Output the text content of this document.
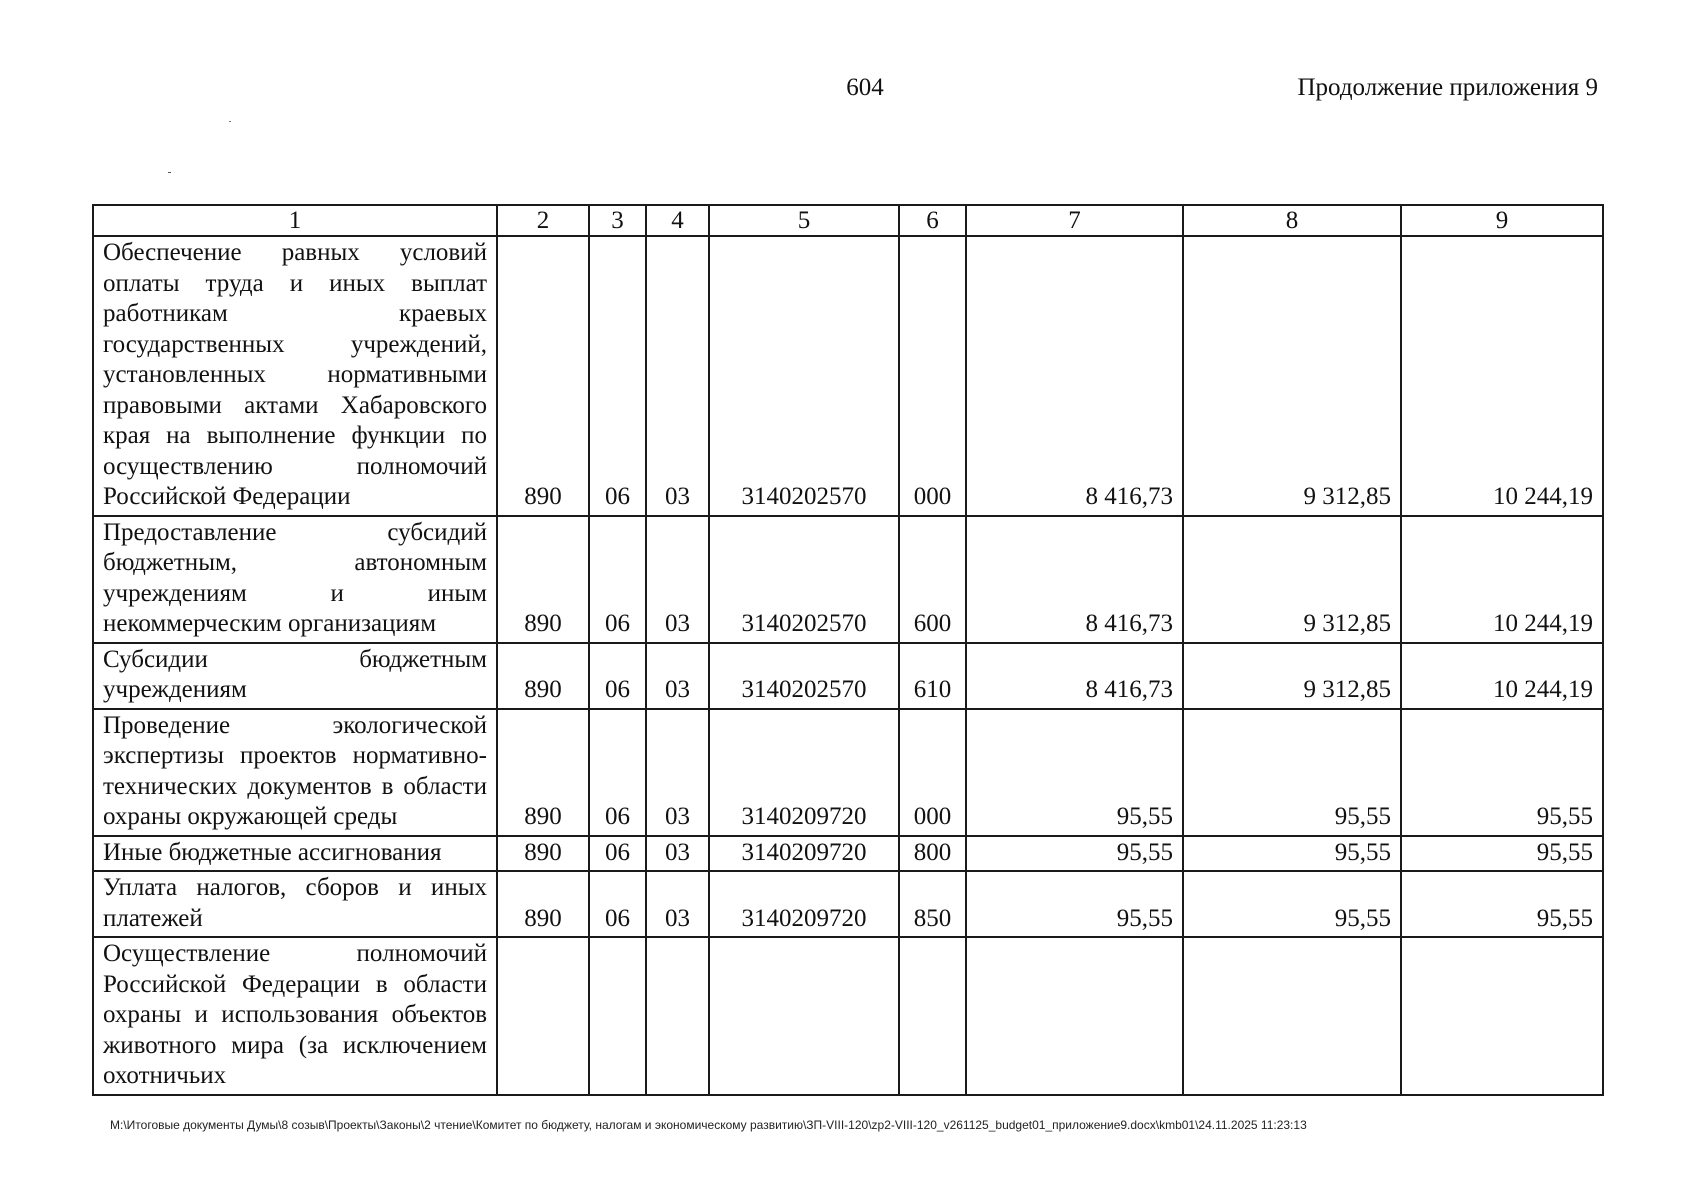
604	Продолжение приложения 9
1	2	3	4	5	6	7	8	9
Обеспечение равных условий оплаты труда и иных выплат работникам краевых государственных учреждений, установленных нормативными правовыми актами Хабаровского края на выполнение функции по осуществлению полномочий Российской Федерации	890	06	03	3140202570	000	8 416,73	9 312,85	10 244,19
Предоставление субсидий бюджетным, автономным учреждениям и иным некоммерческим организациям	890	06	03	3140202570	600	8 416,73	9 312,85	10 244,19
Субсидии бюджетным учреждениям	890	06	03	3140202570	610	8 416,73	9 312,85	10 244,19
Проведение экологической экспертизы проектов нормативно-технических документов в области охраны окружающей среды	890	06	03	3140209720	000	95,55	95,55	95,55
Иные бюджетные ассигнования	890	06	03	3140209720	800	95,55	95,55	95,55
Уплата налогов, сборов и иных платежей	890	06	03	3140209720	850	95,55	95,55	95,55
Осуществление полномочий Российской Федерации в области охраны и использования объектов животного мира (за исключением охотничьих								
M:\Итоговые документы Думы\8 созыв\Проекты\Законы\2 чтение\Комитет по бюджету, налогам и экономическому развитию\ЗП-VIII-120\zp2-VIII-120_v261125_budget01_приложение9.docx\kmb01\24.11.2025 11:23:13
